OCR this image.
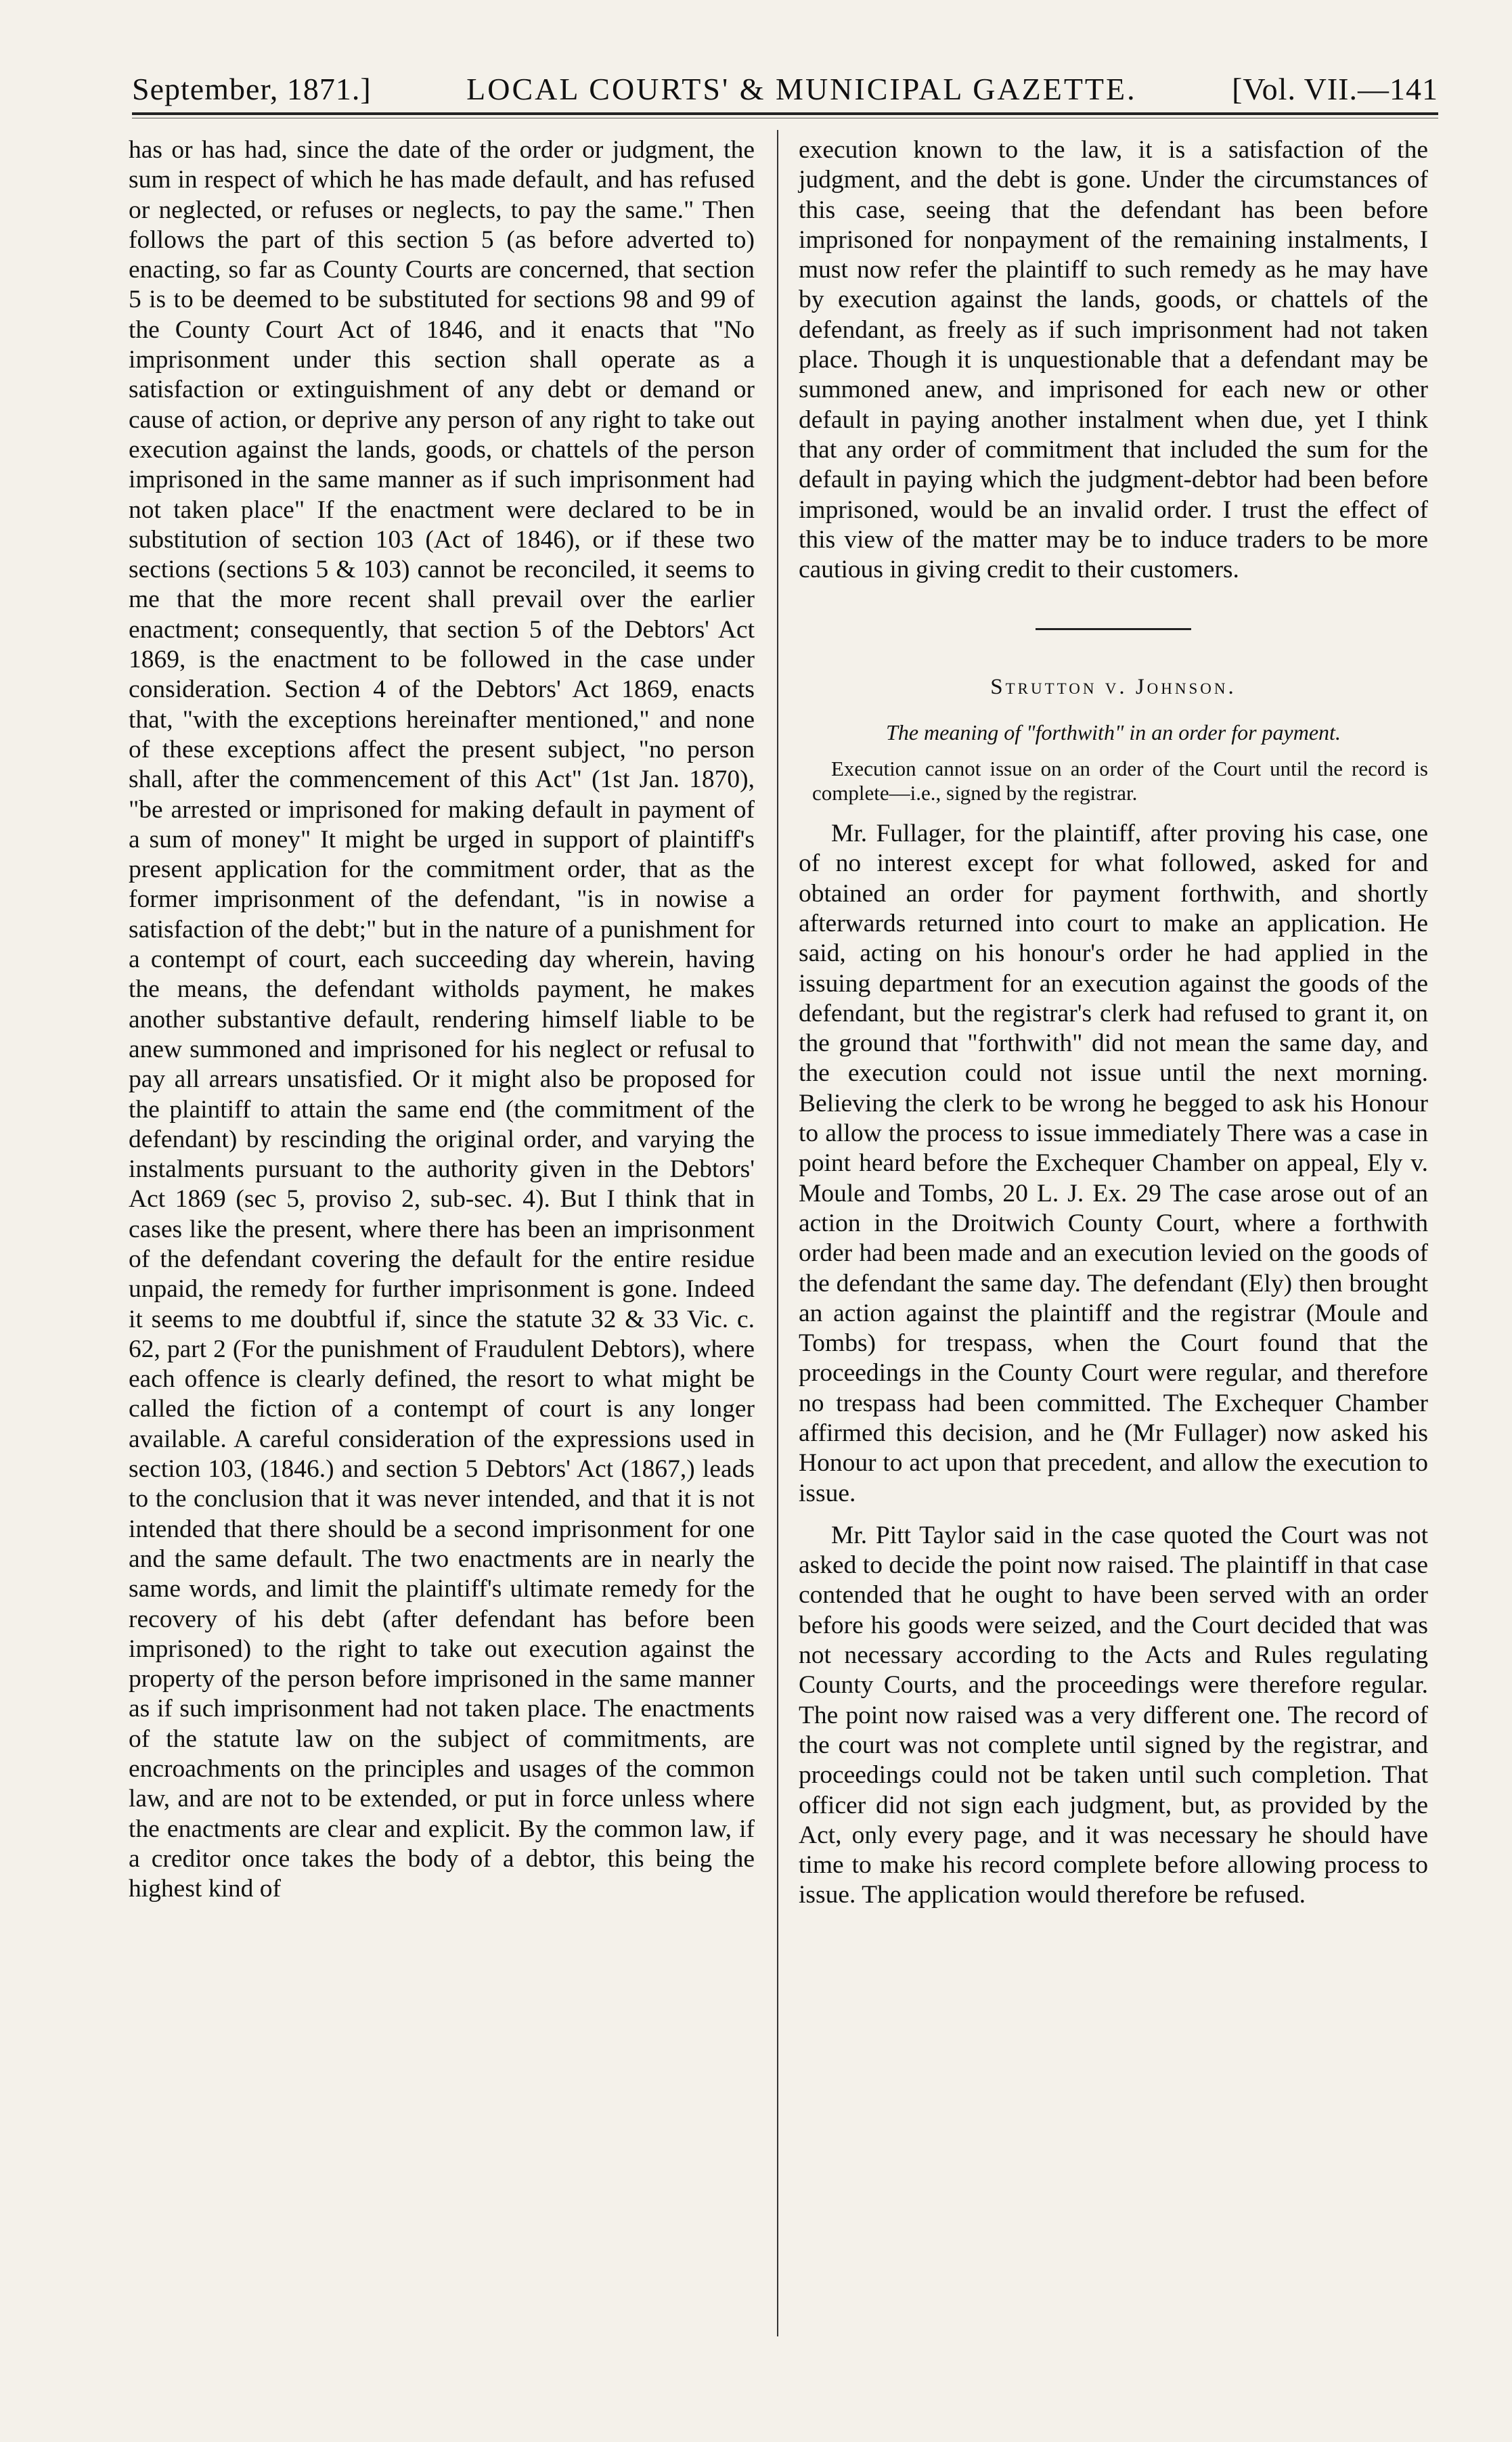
September, 1871.]	LOCAL COURTS' & MUNICIPAL GAZETTE.	[Vol. VII.—141

has or has had, since the date of the order or judgment, the sum in respect of which he has made default, and has refused or neglected, or refuses or neglects, to pay the same." Then follows the part of this section 5 (as before adverted to) enacting, so far as County Courts are concerned, that section 5 is to be deemed to be substituted for sections 98 and 99 of the County Court Act of 1846, and it enacts that "No imprisonment under this section shall operate as a satisfaction or extinguishment of any debt or demand or cause of action, or deprive any person of any right to take out execution against the lands, goods, or chattels of the person imprisoned in the same manner as if such imprisonment had not taken place" If the enactment were declared to be in substitution of section 103 (Act of 1846), or if these two sections (sections 5 & 103) cannot be reconciled, it seems to me that the more recent shall prevail over the earlier enactment; consequently, that section 5 of the Debtors' Act 1869, is the enactment to be followed in the case under consideration. Section 4 of the Debtors' Act 1869, enacts that, "with the exceptions hereinafter mentioned," and none of these exceptions affect the present subject, "no person shall, after the commencement of this Act" (1st Jan. 1870), "be arrested or imprisoned for making default in payment of a sum of money" It might be urged in support of plaintiff's present application for the commitment order, that as the former imprisonment of the defendant, "is in nowise a satisfaction of the debt;" but in the nature of a punishment for a contempt of court, each succeeding day wherein, having the means, the defendant witholds payment, he makes another substantive default, rendering himself liable to be anew summoned and imprisoned for his neglect or refusal to pay all arrears unsatisfied. Or it might also be proposed for the plaintiff to attain the same end (the commitment of the defendant) by rescinding the original order, and varying the instalments pursuant to the authority given in the Debtors' Act 1869 (sec 5, proviso 2, sub-sec. 4). But I think that in cases like the present, where there has been an imprisonment of the defendant covering the default for the entire residue unpaid, the remedy for further imprisonment is gone. Indeed it seems to me doubtful if, since the statute 32 & 33 Vic. c. 62, part 2 (For the punishment of Fraudulent Debtors), where each offence is clearly defined, the resort to what might be called the fiction of a contempt of court is any longer available. A careful consideration of the expressions used in section 103, (1846.) and section 5 Debtors' Act (1867,) leads to the conclusion that it was never intended, and that it is not intended that there should be a second imprisonment for one and the same default. The two enactments are in nearly the same words, and limit the plaintiff's ultimate remedy for the recovery of his debt (after defendant has before been imprisoned) to the right to take out execution against the property of the person before imprisoned in the same manner as if such imprisonment had not taken place. The enactments of the statute law on the subject of commitments, are encroachments on the principles and usages of the common law, and are not to be extended, or put in force unless where the enactments are clear and explicit. By the common law, if a creditor once takes the body of a debtor, this being the highest kind of

execution known to the law, it is a satisfaction of the judgment, and the debt is gone. Under the circumstances of this case, seeing that the defendant has been before imprisoned for nonpayment of the remaining instalments, I must now refer the plaintiff to such remedy as he may have by execution against the lands, goods, or chattels of the defendant, as freely as if such imprisonment had not taken place. Though it is unquestionable that a defendant may be summoned anew, and imprisoned for each new or other default in paying another instalment when due, yet I think that any order of commitment that included the sum for the default in paying which the judgment-debtor had been before imprisoned, would be an invalid order. I trust the effect of this view of the matter may be to induce traders to be more cautious in giving credit to their customers.

Strutton v. Johnson.
The meaning of "forthwith" in an order for payment.
Execution cannot issue on an order of the Court until the record is complete—i.e., signed by the registrar.

Mr. Fullager, for the plaintiff, after proving his case, one of no interest except for what followed, asked for and obtained an order for payment forthwith, and shortly afterwards returned into court to make an application. He said, acting on his honour's order he had applied in the issuing department for an execution against the goods of the defendant, but the registrar's clerk had refused to grant it, on the ground that "forthwith" did not mean the same day, and the execution could not issue until the next morning. Believing the clerk to be wrong he begged to ask his Honour to allow the process to issue immediately There was a case in point heard before the Exchequer Chamber on appeal, Ely v. Moule and Tombs, 20 L. J. Ex. 29 The case arose out of an action in the Droitwich County Court, where a forthwith order had been made and an execution levied on the goods of the defendant the same day. The defendant (Ely) then brought an action against the plaintiff and the registrar (Moule and Tombs) for trespass, when the Court found that the proceedings in the County Court were regular, and therefore no trespass had been committed. The Exchequer Chamber affirmed this decision, and he (Mr Fullager) now asked his Honour to act upon that precedent, and allow the execution to issue.

Mr. Pitt Taylor said in the case quoted the Court was not asked to decide the point now raised. The plaintiff in that case contended that he ought to have been served with an order before his goods were seized, and the Court decided that was not necessary according to the Acts and Rules regulating County Courts, and the proceedings were therefore regular. The point now raised was a very different one. The record of the court was not complete until signed by the registrar, and proceedings could not be taken until such completion. That officer did not sign each judgment, but, as provided by the Act, only every page, and it was necessary he should have time to make his record complete before allowing process to issue. The application would therefore be refused.
